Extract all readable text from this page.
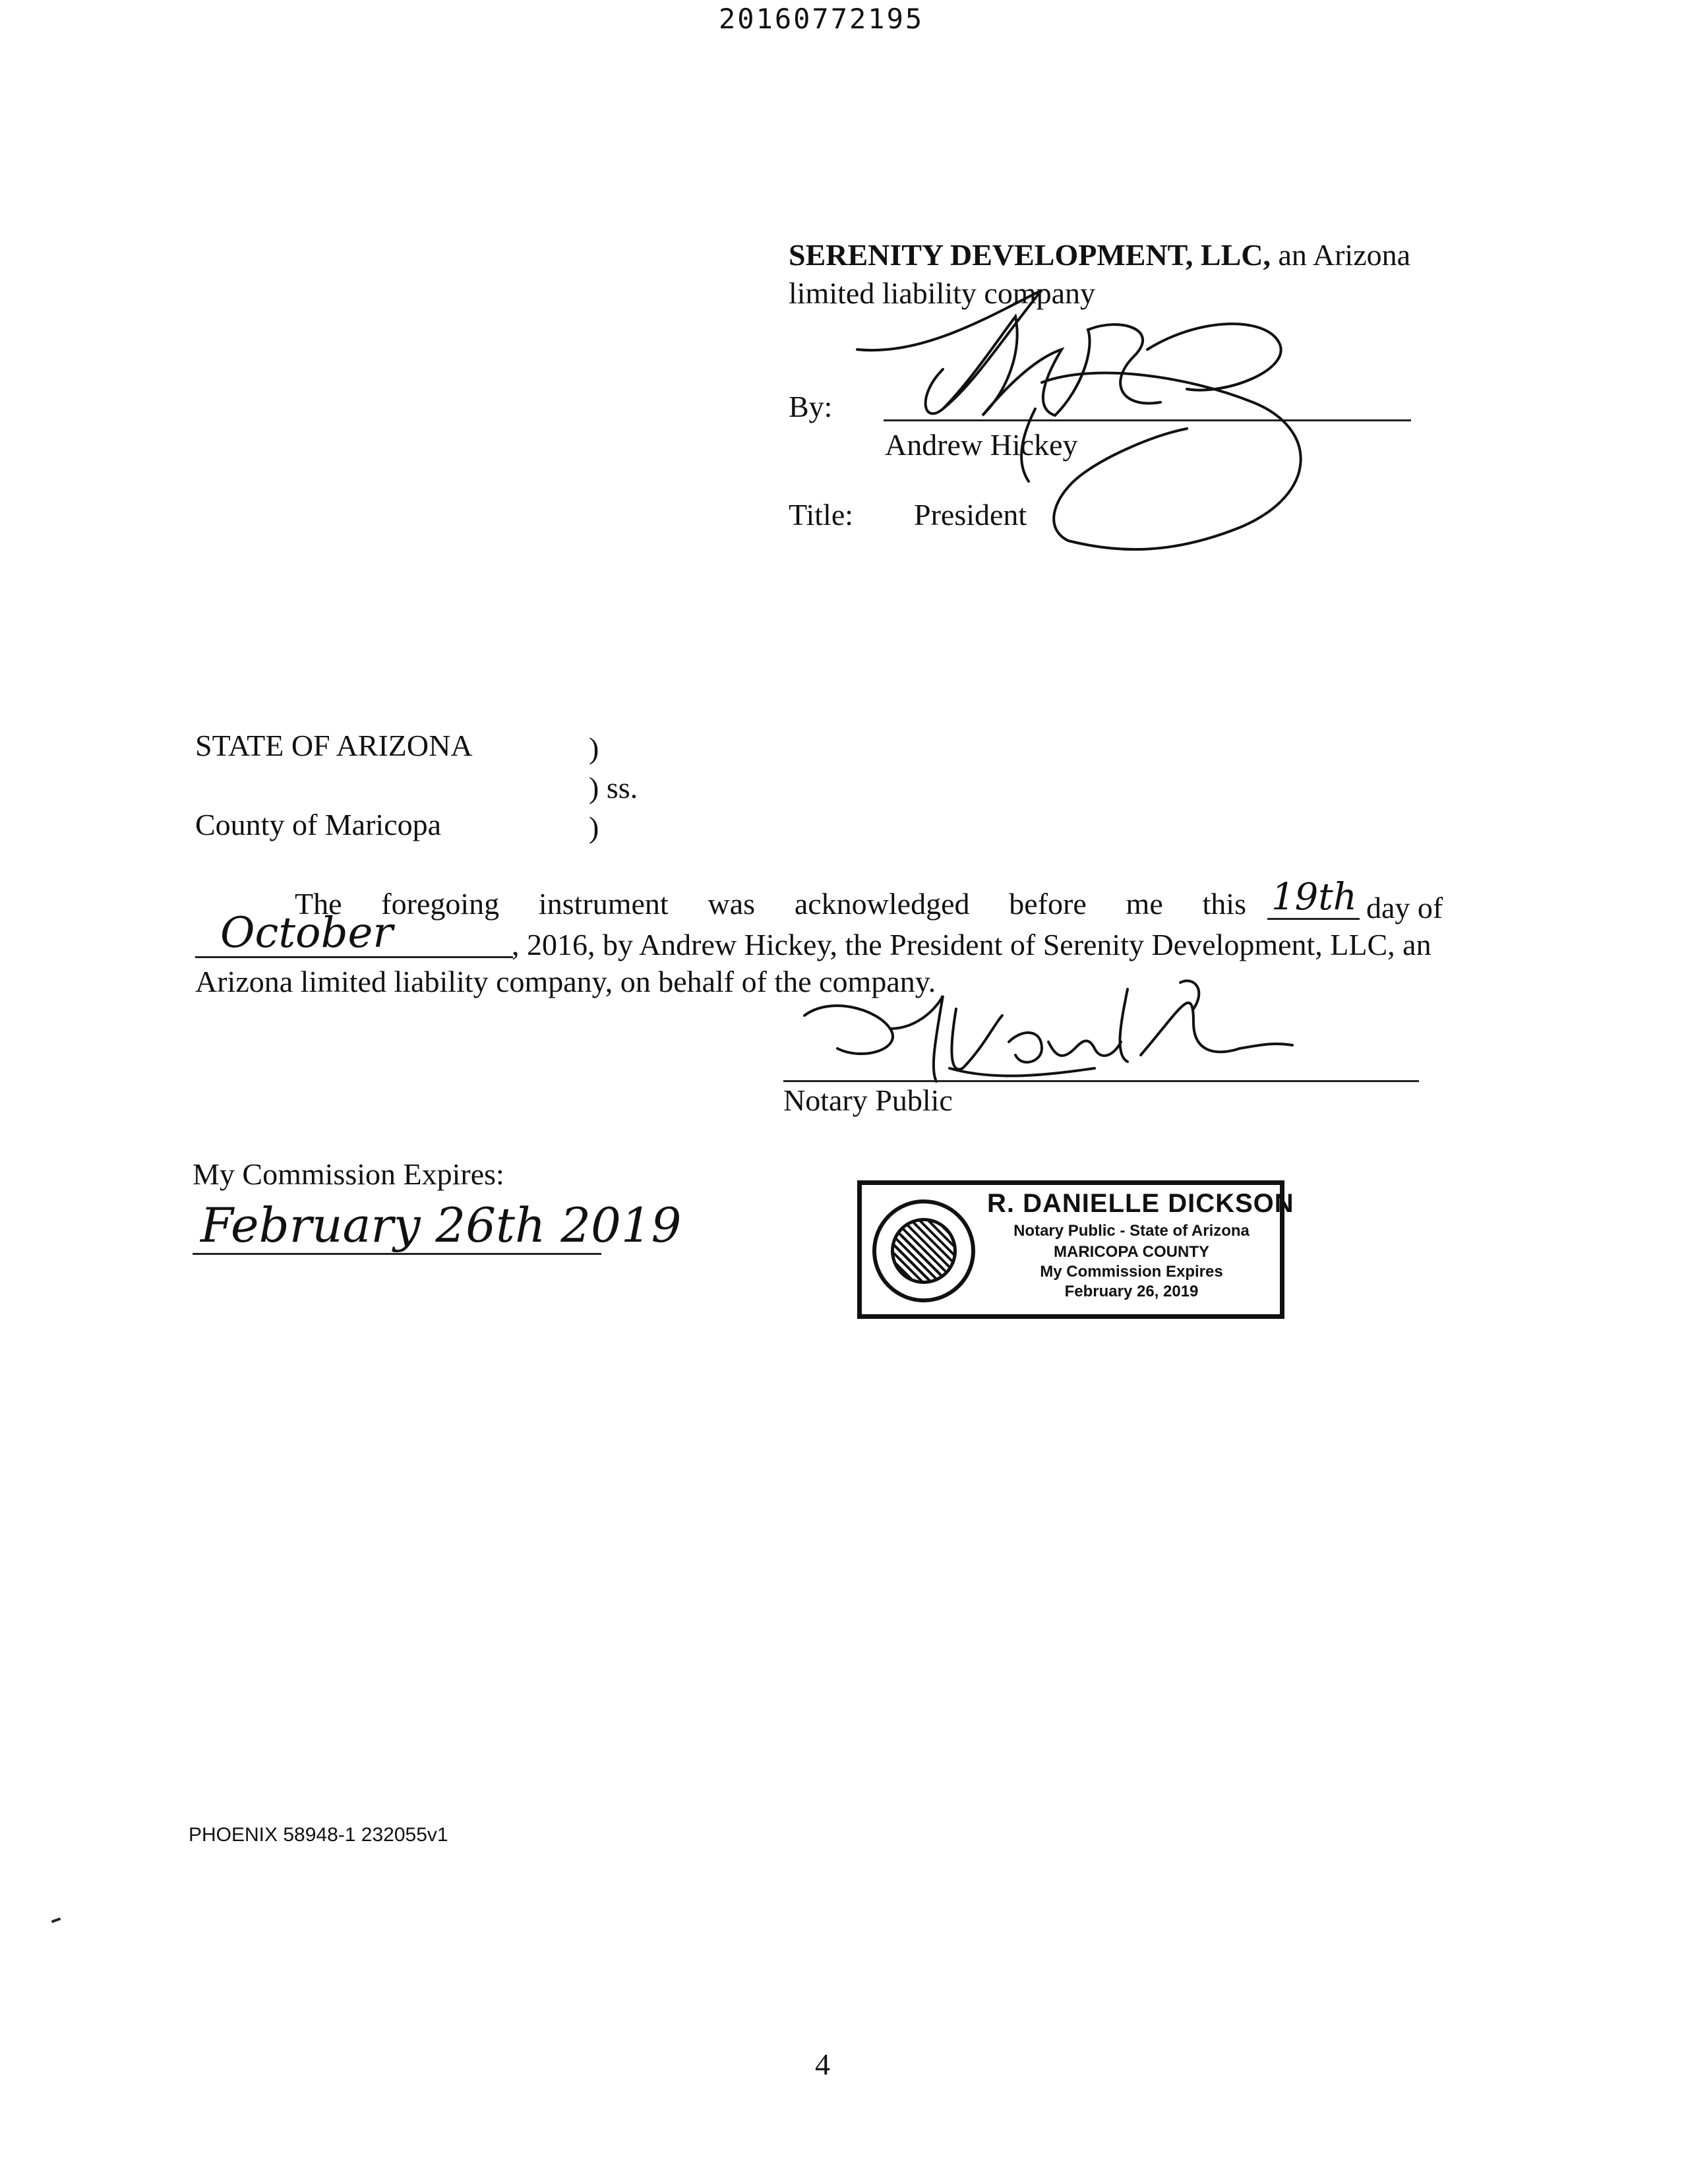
20160772195
SERENITY DEVELOPMENT, LLC, an Arizona
limited liability company
By:
Andrew Hickey
Title: President
STATE OF ARIZONA	)
) ss.
County of Maricopa	)
The foregoing instrument was acknowledged before me this 19th day of
October	, 2016, by Andrew Hickey, the President of Serenity Development, LLC, an
Arizona limited liability company, on behalf of the company.
Notary Public
My Commission Expires:
February 26th 2019	R. DANIELLE DICKSON
Notary Public - State of Arizona
MARICOPA COUNTY
My Commission Expires
February 26, 2019
PHOENIX 58948-1 232055v1
4
